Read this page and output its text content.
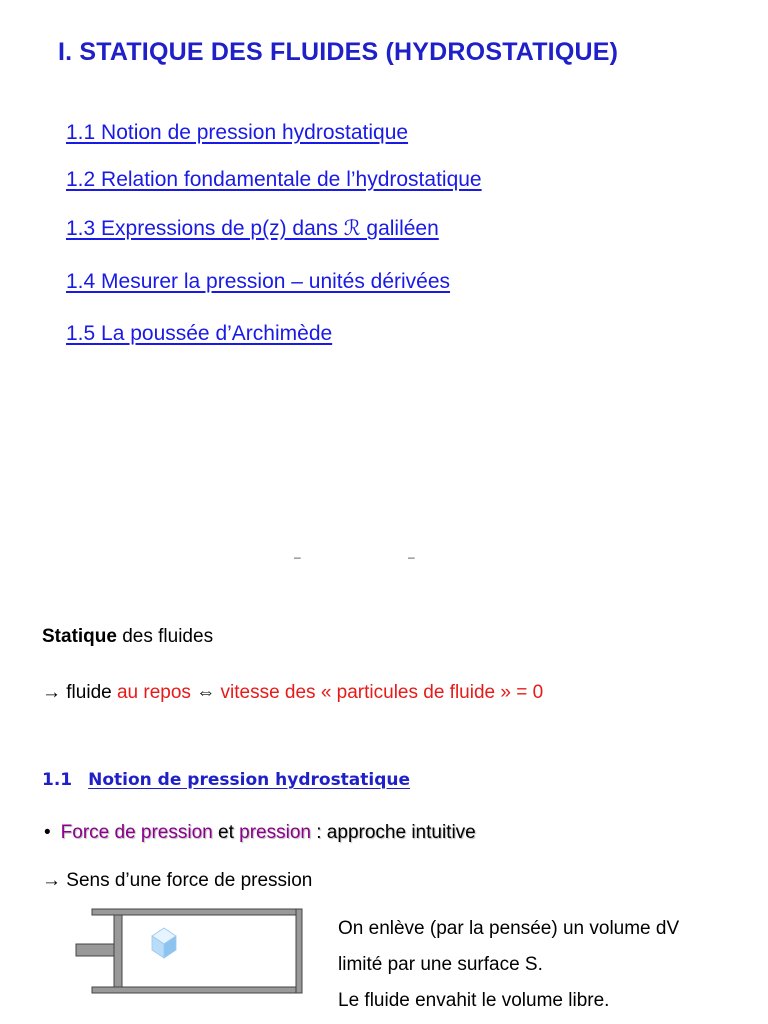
I. STATIQUE DES FLUIDES (HYDROSTATIQUE)
1.1 Notion de pression hydrostatique
1.2 Relation fondamentale de l’hydrostatique
1.3 Expressions de p(z) dans ℛ galiléen
1.4 Mesurer la pression – unités dérivées
1.5 La poussée d’Archimède
–	–
Statique des fluides
→ fluide au repos ⇔ vitesse des « particules de fluide » = 0
1.1 Notion de pression hydrostatique
• Force de pression et pression : approche intuitive
→ Sens d’une force de pression
On enlève (par la pensée) un volume dV
limité par une surface S.
Le fluide envahit le volume libre.
